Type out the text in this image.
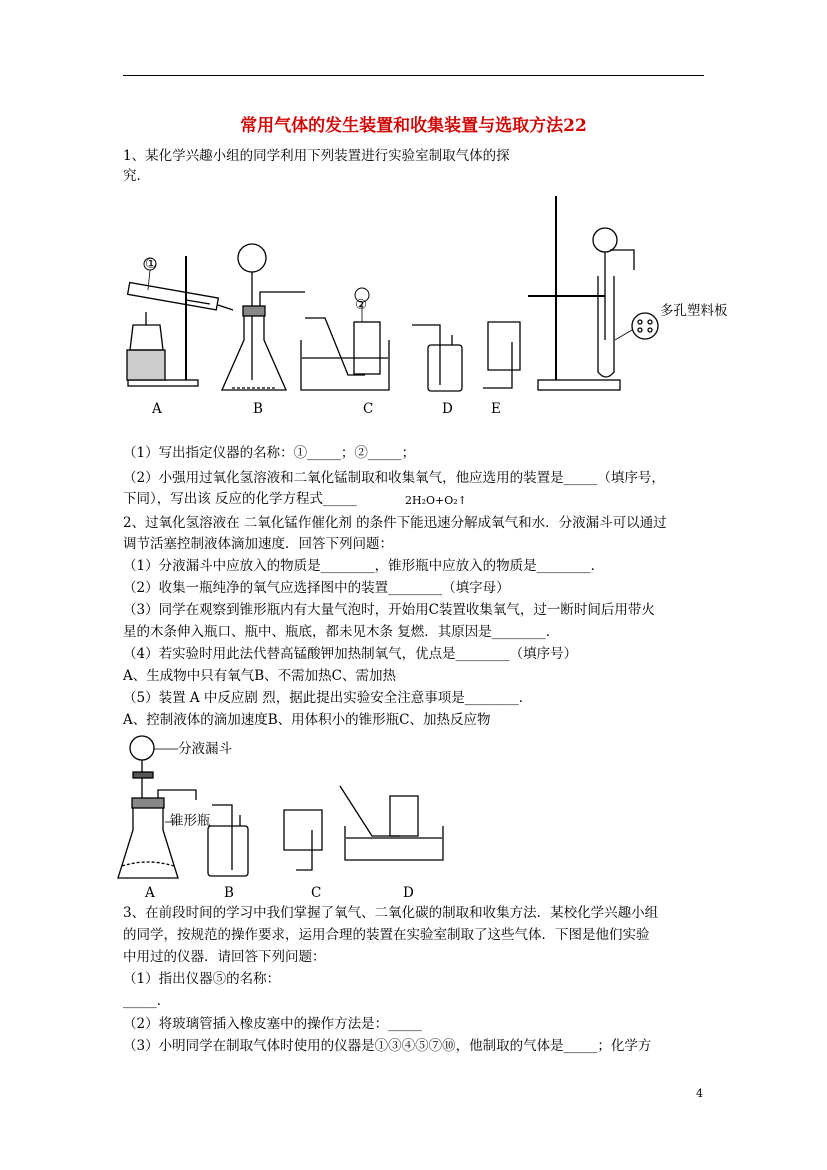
常用气体的发生装置和收集装置与选取方法22
1、某化学兴趣小组的同学利用下列装置进行实验室制取气体的探
究．
①
②	多孔塑料板
A	B	C	D	E
（1）写出指定仪器的名称：①_____；②_____；
（2）小强用过氧化氢溶液和二氧化锰制取和收集氧气，他应选用的装置是_____（填序号，
下同），写出该 反应的化学方程式_____	2H₂O+O₂↑
2、过氧化氢溶液在 二氧化锰作催化剂 的条件下能迅速分解成氧气和水．分液漏斗可以通过
调节活塞控制液体滴加速度．回答下列问题：
（1）分液漏斗中应放入的物质是________，锥形瓶中应放入的物质是________．
（2）收集一瓶纯净的氧气应选择图中的装置________（填字母）
（3）同学在观察到锥形瓶内有大量气泡时，开始用C装置收集氧气，过一断时间后用带火
星的木条伸入瓶口、瓶中、瓶底，都未见木条 复燃．其原因是________．
（4）若实验时用此法代替高锰酸钾加热制氧气，优点是________（填序号）
A、生成物中只有氧气B、不需加热C、需加热
（5）装置 A 中反应剧 烈，据此提出实验安全注意事项是________．
A、控制液体的滴加速度B、用体积小的锥形瓶C、加热反应物
分液漏斗
锥形瓶
A	B	C	D
3、在前段时间的学习中我们掌握了氧气、二氧化碳的制取和收集方法．某校化学兴趣小组
的同学，按规范的操作要求，运用合理的装置在实验室制取了这些气体．下图是他们实验
中用过的仪器．请回答下列问题：
（1）指出仪器⑤的名称：
_____．
（2）将玻璃管插入橡皮塞中的操作方法是：_____
（3）小明同学在制取气体时使用的仪器是①③④⑤⑦⑩，他制取的气体是_____；化学方
4
